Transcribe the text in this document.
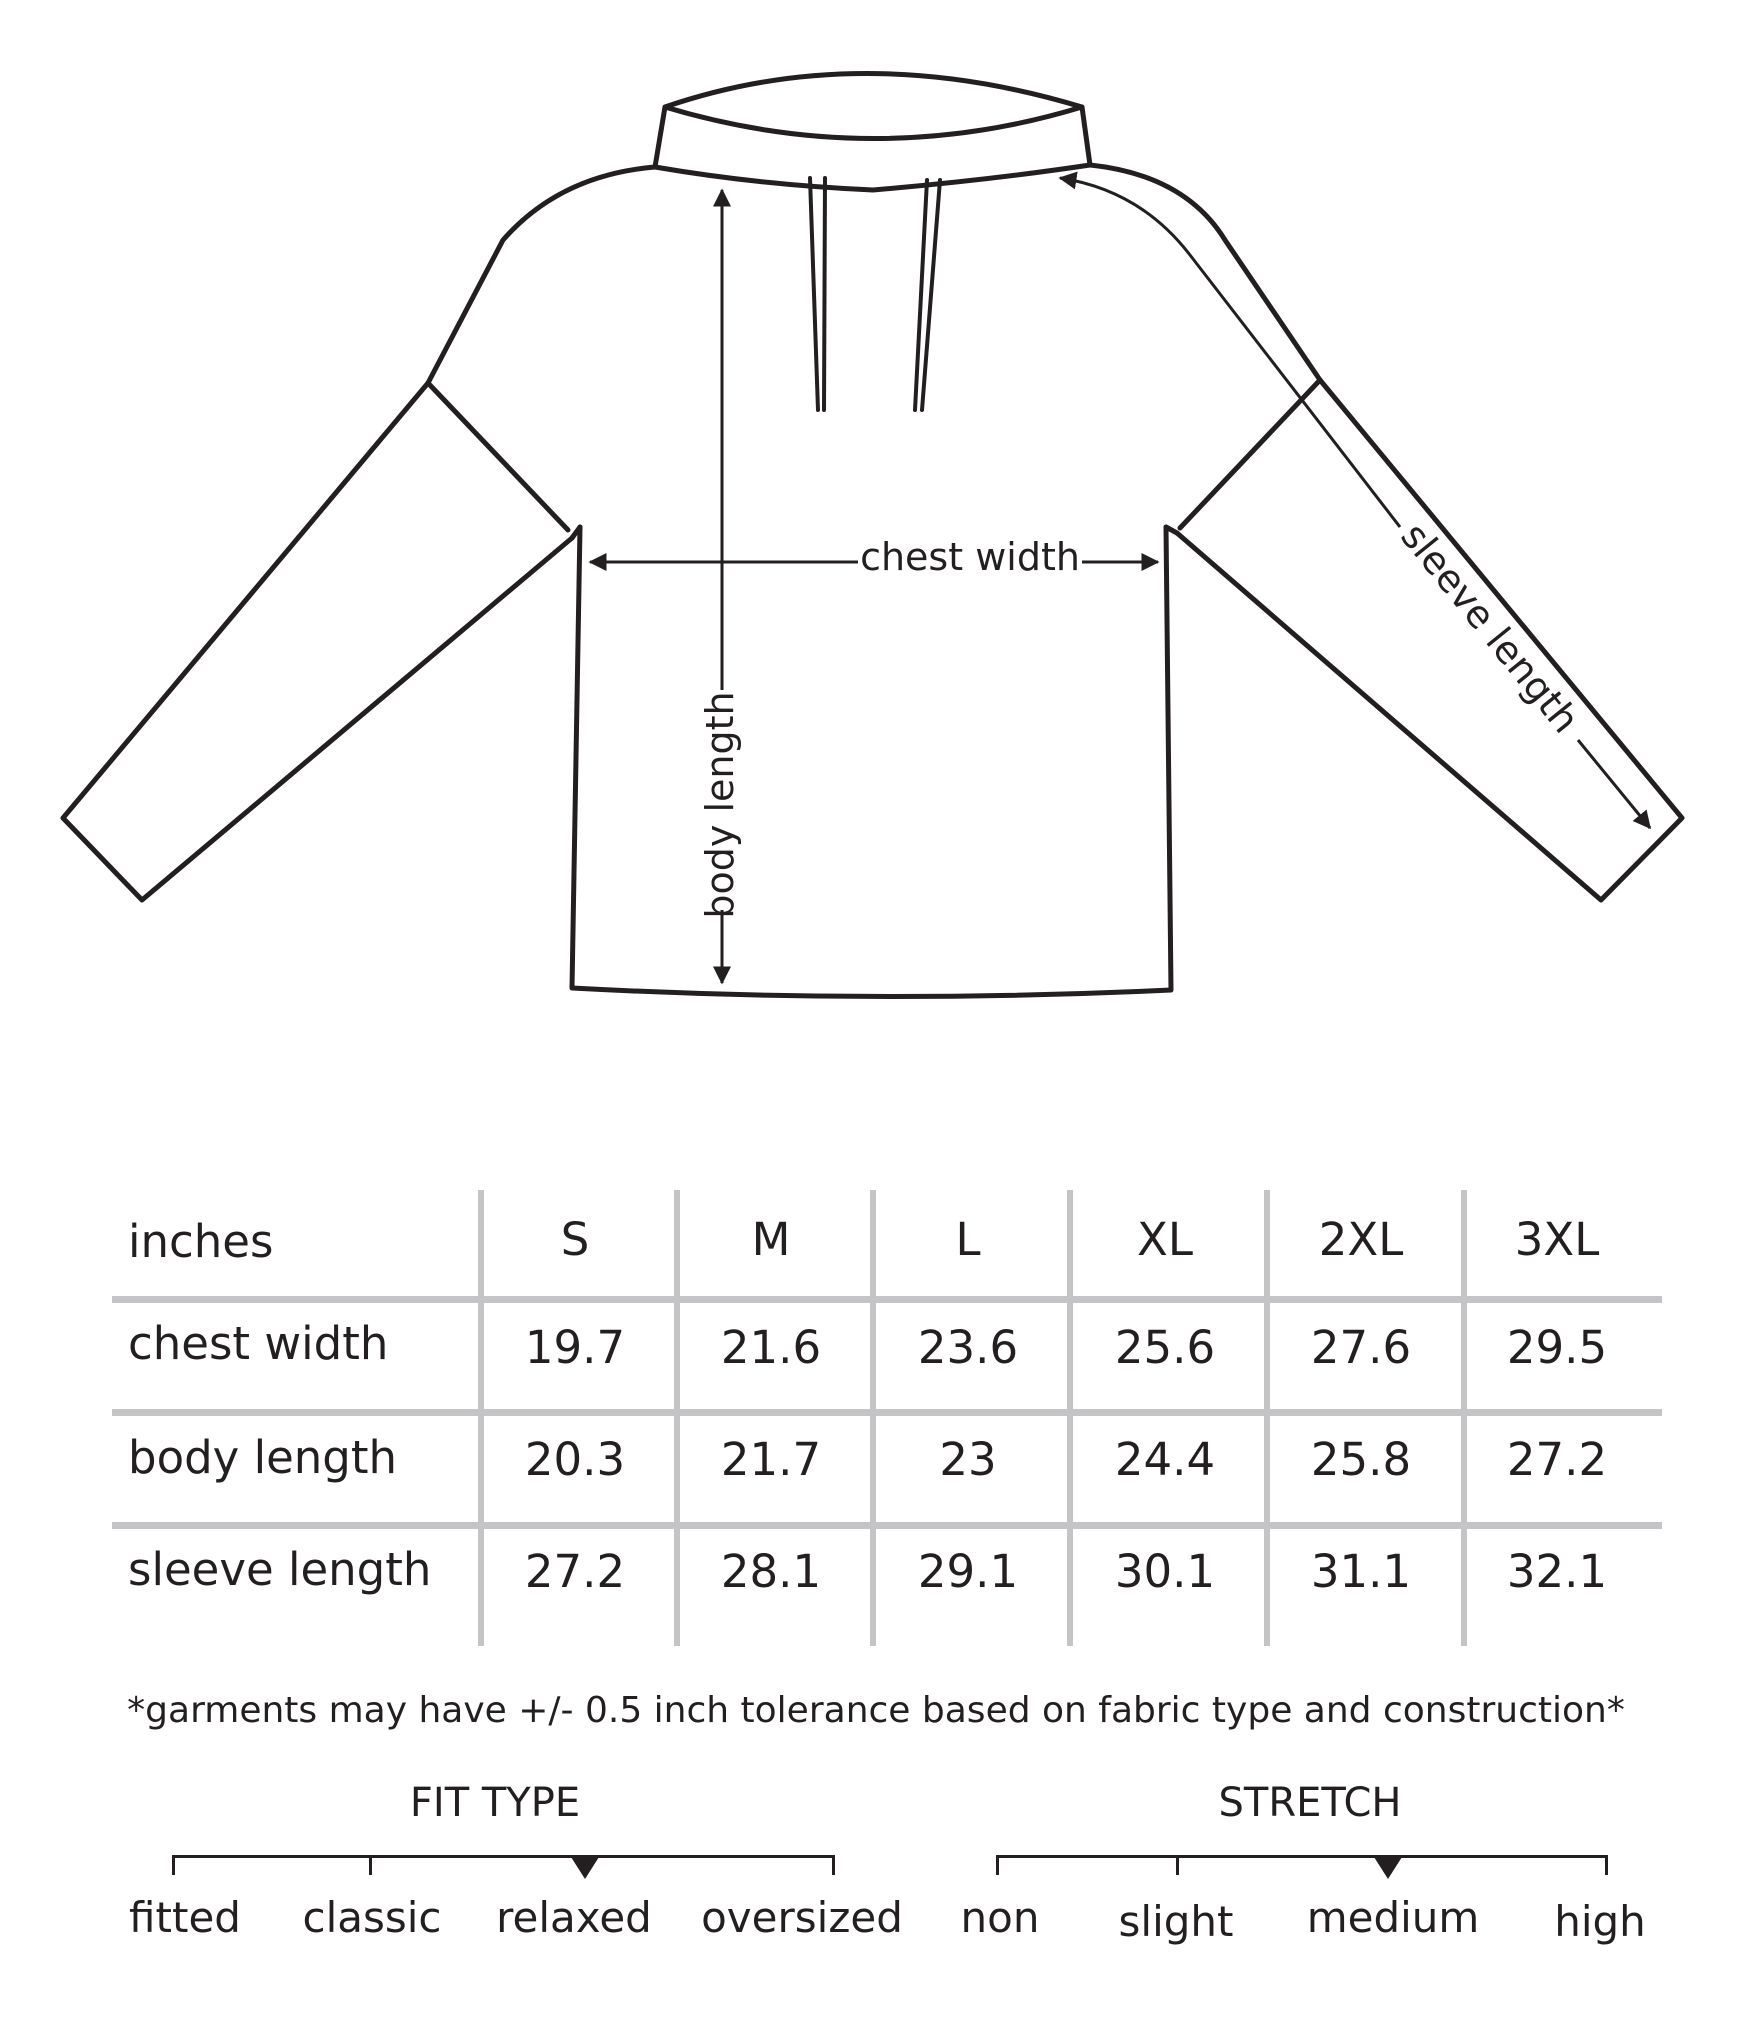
chest width
body length
sleeve length
inches	S	M	L	XL	2XL	3XL
chest width	19.7	21.6	23.6	25.6	27.6	29.5
body length	20.3	21.7	23	24.4	25.8	27.2
sleeve length	27.2	28.1	29.1	30.1	31.1	32.1
*garments may have +/- 0.5 inch tolerance based on fabric type and construction*
FIT TYPE
fitted	classic	relaxed	oversized
STRETCH
non	slight	medium	high
